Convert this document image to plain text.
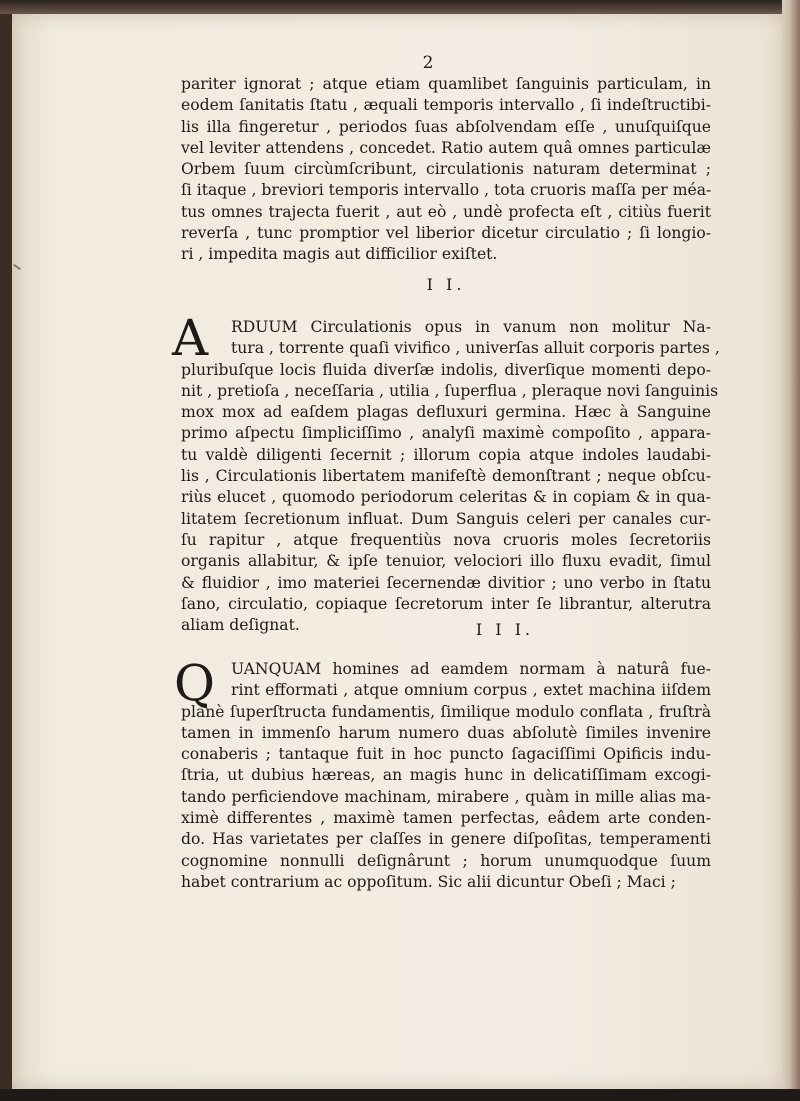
2
pariter ignorat ; atque etiam quamlibet ſanguinis particulam, in
eodem ſanitatis ſtatu , æquali temporis intervallo , ſi indeſtructibi-
lis illa fingeretur , periodos ſuas abſolvendam eſſe , unuſquiſque
vel leviter attendens , concedet. Ratio autem quâ omnes particulæ
Orbem ſuum circùmſcribunt, circulationis naturam determinat ;
ſi itaque , breviori temporis intervallo , tota cruoris maſſa per méa-
tus omnes trajecta fuerit , aut eò , undè profecta eſt , citiùs fuerit
reverſa , tunc promptior vel liberior dicetur circulatio ; ſi longio-
ri , impedita magis aut difficilior exiſtet.
I I.
A	RDUUM Circulationis opus in vanum non molitur Na-
tura , torrente quaſi vivifico , univerſas alluit corporis partes ,
pluribuſque locis fluida diverſæ indolis, diverſique momenti depo-
nit , pretioſa , neceſſaria , utilia , ſuperflua , pleraque novi ſanguinis
mox mox ad eaſdem plagas defluxuri germina. Hæc à Sanguine
primo aſpectu ſimpliciſſimo , analyſi maximè compoſito , appara-
tu valdè diligenti ſecernit ; illorum copia atque indoles laudabi-
lis , Circulationis libertatem manifeſtè demonſtrant ; neque obſcu-
riùs elucet , quomodo periodorum celeritas & in copiam & in qua-
litatem ſecretionum influat. Dum Sanguis celeri per canales cur-
ſu rapitur , atque frequentiùs nova cruoris moles ſecretoriis
organis allabitur, & ipſe tenuior, velociori illo fluxu evadit, ſimul
& fluidior , imo materiei ſecernendæ divitior ; uno verbo in ſtatu
ſano, circulatio, copiaque ſecretorum inter ſe librantur, alterutra
aliam deſignat.	I I I.
Q	UANQUAM homines ad eamdem normam à naturâ fue-
rint efformati , atque omnium corpus , extet machina iiſdem
planè ſuperſtructa fundamentis, ſimilique modulo conflata , fruſtrà
tamen in immenſo harum numero duas abſolutè ſimiles invenire
conaberis ; tantaque fuit in hoc puncto ſagaciſſimi Opificis indu-
ſtria, ut dubius hæreas, an magis hunc in delicatiſſimam excogi-
tando perficiendove machinam, mirabere , quàm in mille alias ma-
ximè differentes , maximè tamen perfectas, eâdem arte conden-
do. Has varietates per claſſes in genere diſpoſitas, temperamenti
cognomine nonnulli deſignârunt ; horum unumquodque ſuum
habet contrarium ac oppoſitum. Sic alii dicuntur Obeſi ; Maci ;
